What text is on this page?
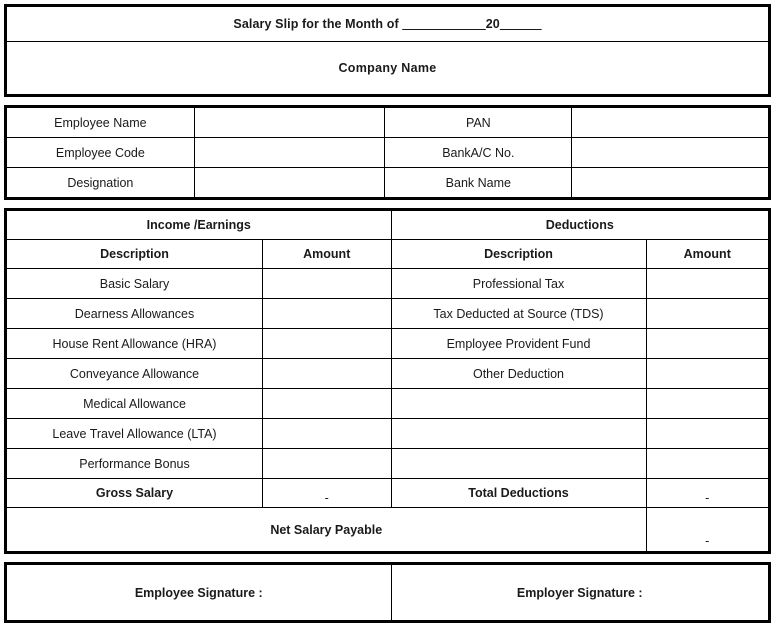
Salary Slip for the Month of ____________20______
Company Name
Employee Name		PAN	
Employee Code		BankA/C No.	
Designation		Bank Name	
Income /Earnings		Deductions	
Description	Amount	Description	Amount
Basic Salary		Professional Tax	
Dearness Allowances		Tax Deducted at Source (TDS)	
House Rent Allowance (HRA)		Employee Provident Fund	
Conveyance Allowance		Other Deduction	
Medical Allowance			
Leave Travel Allowance (LTA)			
Performance Bonus			
Gross Salary	-	Total Deductions	-
Net Salary Payable			-
Employee Signature :	Employer Signature :
